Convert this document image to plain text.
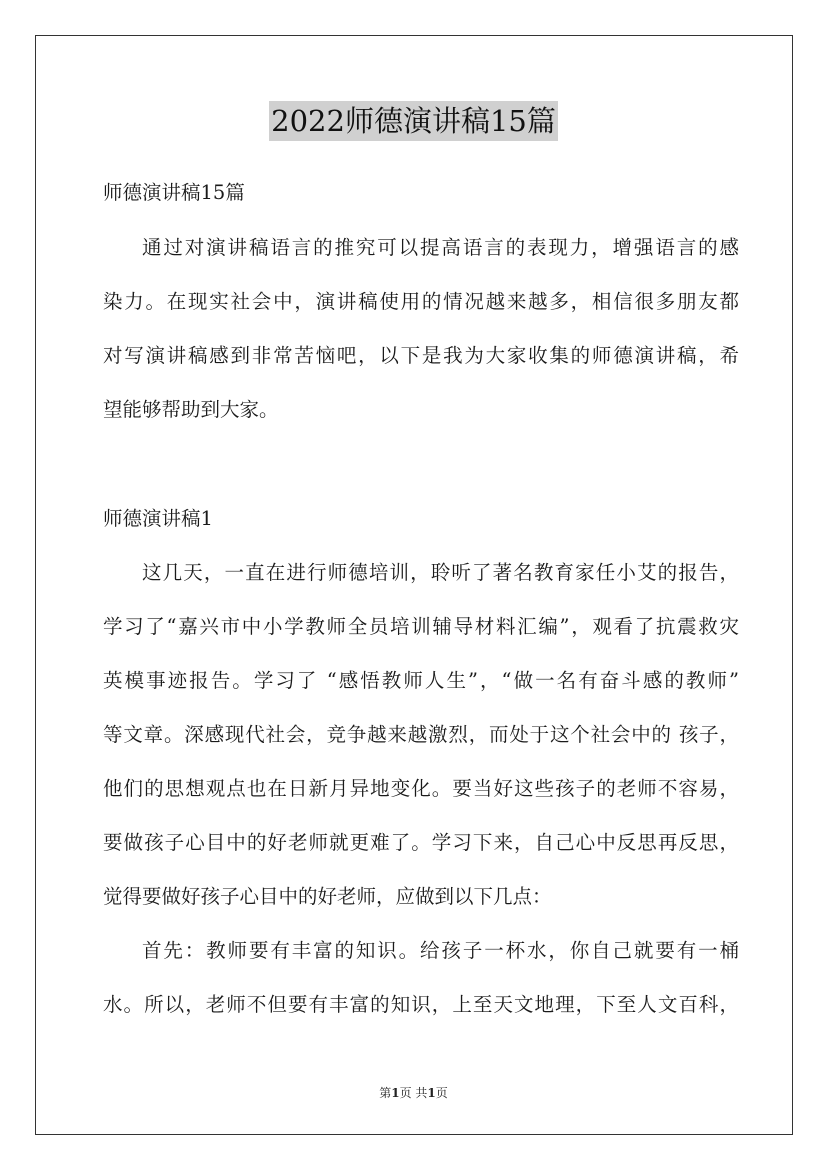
2022师德演讲稿15篇
师德演讲稿15篇
通过对演讲稿语言的推究可以提高语言的表现力，增强语言的感
染力。在现实社会中，演讲稿使用的情况越来越多，相信很多朋友都
对写演讲稿感到非常苦恼吧，以下是我为大家收集的师德演讲稿，希
望能够帮助到大家。
师德演讲稿1
这几天，一直在进行师德培训，聆听了著名教育家任小艾的报告，
学习了“嘉兴市中小学教师全员培训辅导材料汇编”，观看了抗震救灾
英模事迹报告。学习了 “感悟教师人生”，“做一名有奋斗感的教师”
等文章。深感现代社会，竞争越来越激烈，而处于这个社会中的 孩子，
他们的思想观点也在日新月异地变化。要当好这些孩子的老师不容易，
要做孩子心目中的好老师就更难了。学习下来，自己心中反思再反思，
觉得要做好孩子心目中的好老师，应做到以下几点：
首先：教师要有丰富的知识。给孩子一杯水，你自己就要有一桶
水。所以，老师不但要有丰富的知识，上至天文地理，下至人文百科，
第1页 共1页
